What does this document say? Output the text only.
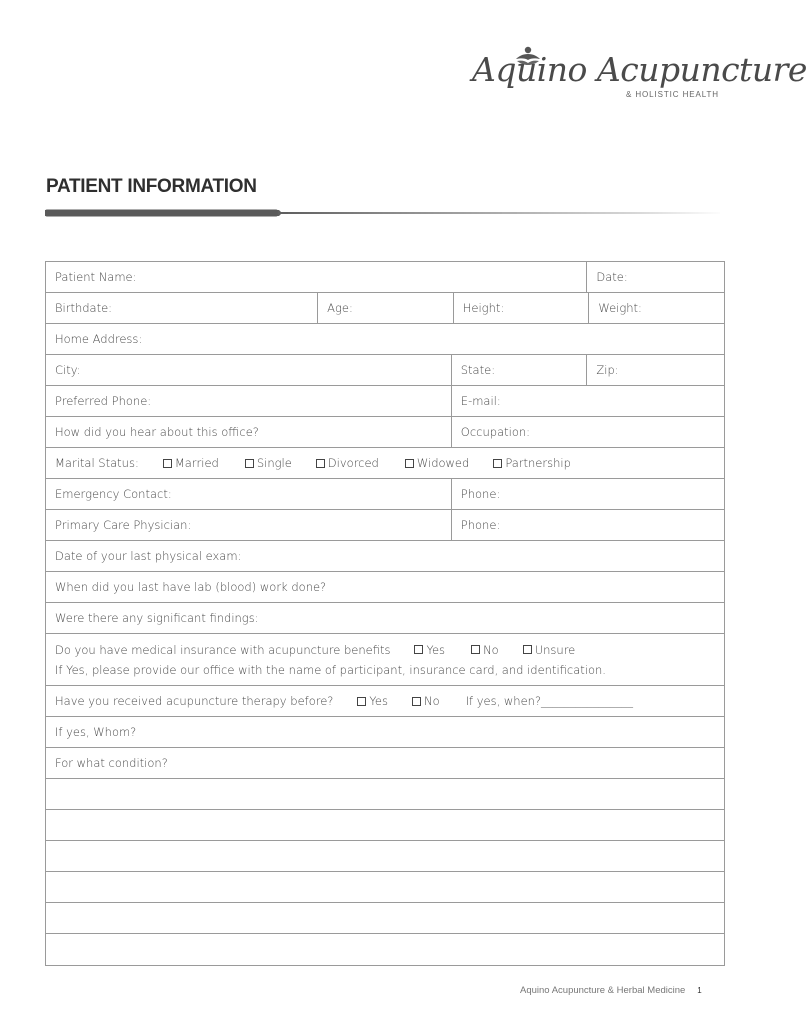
Aquino Acupuncture
& HOLISTIC HEALTH
PATIENT INFORMATION
Patient Name:	Date:
Birthdate:	Age:	Height:	Weight:
Home Address:
City:	State:	Zip:
Preferred Phone:	E-mail:
How did you hear about this office?	Occupation:
Marital Status:	Married	Single	Divorced	Widowed	Partnership
Emergency Contact:	Phone:
Primary Care Physician:	Phone:
Date of your last physical exam:
When did you last have lab (blood) work done?
Were there any significant findings:
Do you have medical insurance with acupuncture benefits	Yes	No	Unsure
If Yes, please provide our office with the name of participant, insurance card, and identification.
Have you received acupuncture therapy before?	Yes	No If yes, when?________________
If yes, Whom?
For what condition?
Aquino Acupuncture & Herbal Medicine 1
